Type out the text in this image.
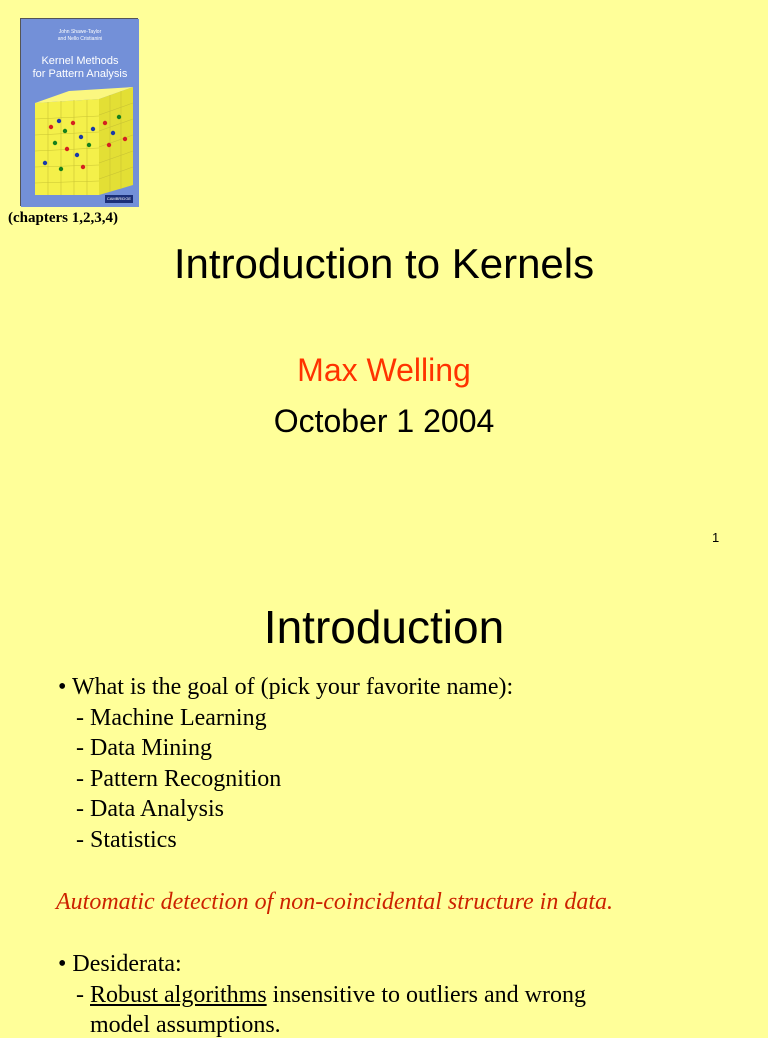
John Shawe-Taylor
and Nello Cristianini
Kernel Methods
for Pattern Analysis
CAMBRIDGE
(chapters 1,2,3,4)
Introduction to Kernels
Max Welling
October 1 2004
1
Introduction
• What is the goal of (pick your favorite name):
- Machine Learning
- Data Mining
- Pattern Recognition
- Data Analysis
- Statistics
Automatic detection of non-coincidental structure in data.
• Desiderata:
- Robust algorithms insensitive to outliers and wrong
model assumptions.
